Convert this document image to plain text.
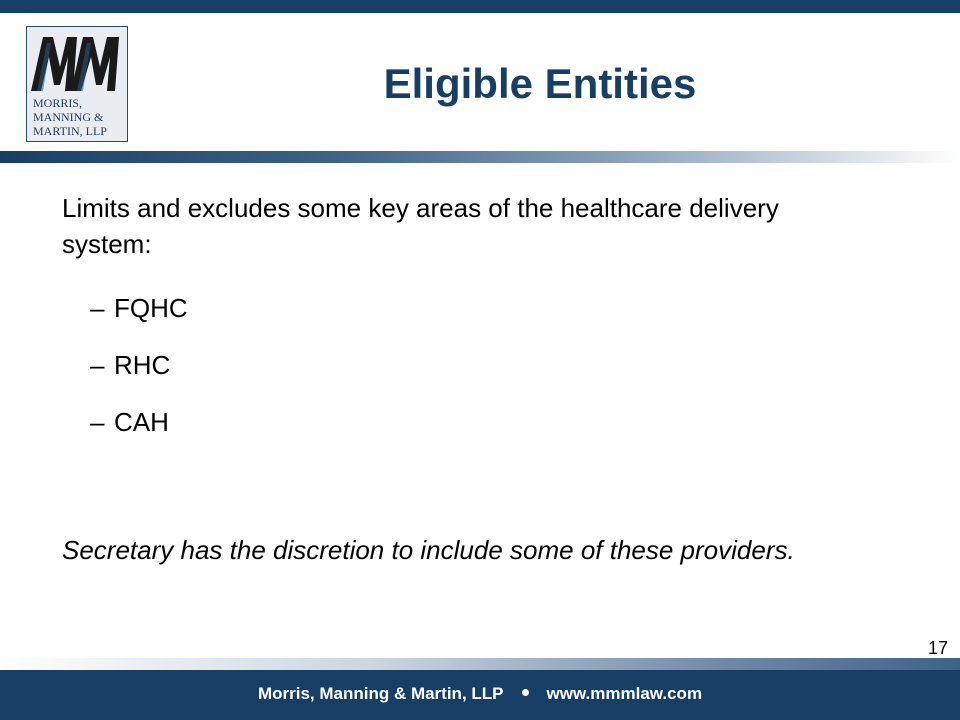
MORRIS,
MANNING &
MARTIN, LLP
Eligible Entities
Limits and excludes some key areas of the healthcare delivery system:
– FQHC
– RHC
– CAH
Secretary has the discretion to include some of these providers.
17
Morris, Manning & Martin, LLP	www.mmmlaw.com
